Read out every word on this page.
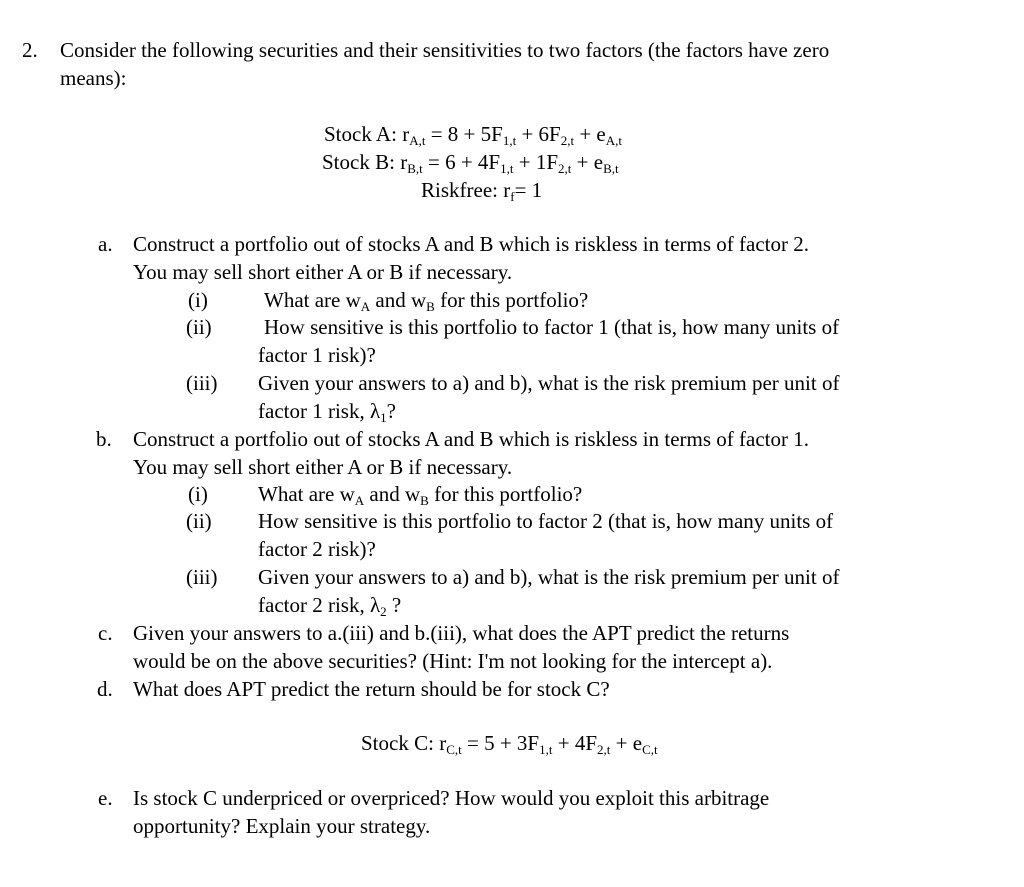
2. Consider the following securities and their sensitivities to two factors (the factors have zero
means):
Stock A: $r_{A,t} = 8 + 5F_{1,t} + 6F_{2,t} + e_{A,t}$
Stock B: $r_{B,t} = 6 + 4F_{1,t} + 1F_{2,t} + e_{B,t}$
Riskfree: $r_f= 1$
a. Construct a portfolio out of stocks A and B which is riskless in terms of factor 2.
You may sell short either A or B if necessary.
(i)	What are $w_A$ and $w_B$ for this portfolio?
(ii) How sensitive is this portfolio to factor 1 (that is, how many units of
factor 1 risk)?
(iii) Given your answers to a) and b), what is the risk premium per unit of
factor 1 risk, $\lambda_1$?
b. Construct a portfolio out of stocks A and B which is riskless in terms of factor 1.
You may sell short either A or B if necessary.
(i) What are $w_A$ and $w_B$ for this portfolio?
(ii) How sensitive is this portfolio to factor 2 (that is, how many units of
factor 2 risk)?
(iii) Given your answers to a) and b), what is the risk premium per unit of
factor 2 risk, $\lambda_2$ ?
c. Given your answers to a.(iii) and b.(iii), what does the APT predict the returns
would be on the above securities? (Hint: I'm not looking for the intercept a).
d. What does APT predict the return should be for stock C?
Stock C: $r_{C,t} = 5 + 3F_{1,t} + 4F_{2,t} + e_{C,t}$
e. Is stock C underpriced or overpriced? How would you exploit this arbitrage
opportunity? Explain your strategy.
